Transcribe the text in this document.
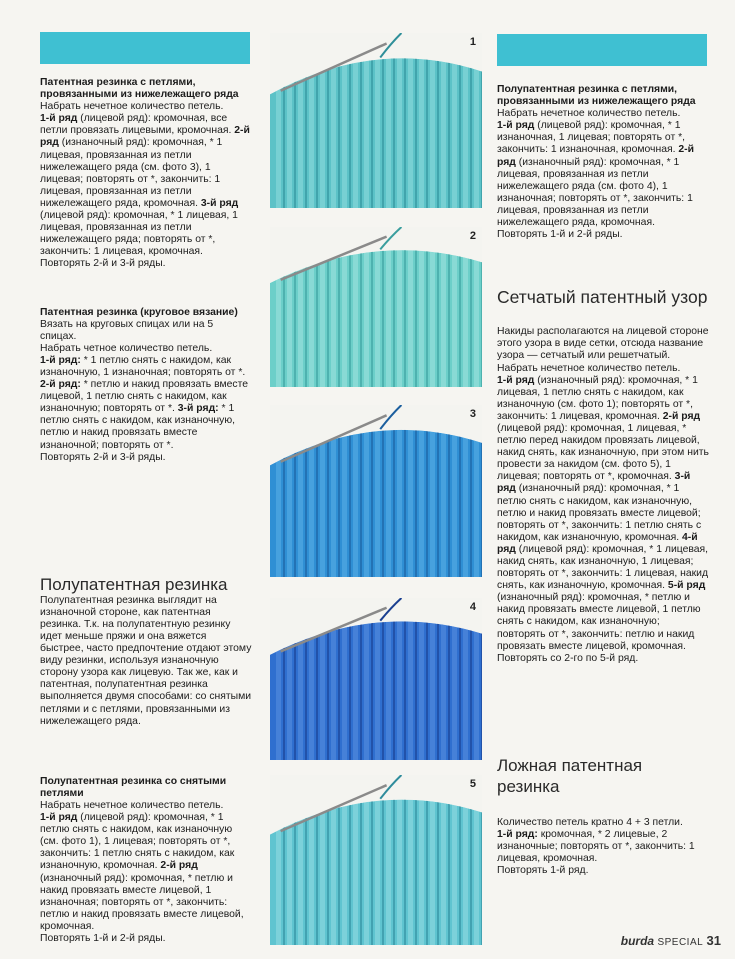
Патентная резинка с петлями, провязанными из нижележащего ряда

Набрать нечетное количество петель.

1-й ряд (лицевой ряд): кромочная, все петли провязать лицевыми, кромочная. 2-й ряд (изнаночный ряд): кромочная, * 1 лицевая, провязанная из петли нижележащего ряда (см. фото 3), 1 лицевая; повторять от *, закончить: 1 лицевая, провязанная из петли нижележащего ряда, кромочная. 3-й ряд (лицевой ряд): кромочная, * 1 лицевая, 1 лицевая, провязанная из петли нижележащего ряда; повторять от *, закончить: 1 лицевая, кромочная.

Повторять 2-й и 3-й ряды.

Патентная резинка (круговое вязание)

Вязать на круговых спицах или на 5 спицах.

Набрать четное количество петель.

1-й ряд: * 1 петлю снять с накидом, как изнаночную, 1 изнаночная; повторять от *. 2-й ряд: * петлю и накид провязать вместе лицевой, 1 петлю снять с накидом, как изнаночную; повторять от *. 3-й ряд: * 1 петлю снять с накидом, как изнаночную, петлю и накид провязать вместе изнаночной; повторять от *.

Повторять 2-й и 3-й ряды.

Полупатентная резинка

Полупатентная резинка выглядит на изнаночной стороне, как патентная резинка. Т.к. на полупатентную резинку идет меньше пряжи и она вяжется быстрее, часто предпочтение отдают этому виду резинки, используя изнаночную сторону узора как лицевую. Так же, как и патентная, полупатентная резинка выполняется двумя способами: со снятыми петлями и с петлями, провязанными из нижележащего ряда.

Полупатентная резинка со снятыми петлями

Набрать нечетное количество петель.

1-й ряд (лицевой ряд): кромочная, * 1 петлю снять с накидом, как изнаночную (см. фото 1), 1 лицевая; повторять от *, закончить: 1 петлю снять с накидом, как изнаночную, кромочная. 2-й ряд (изнаночный ряд): кромочная, * петлю и накид провязать вместе лицевой, 1 изнаночная; повторять от *, закончить: петлю и накид провязать вместе лицевой, кромочная.

Повторять 1-й и 2-й ряды.

Полупатентная резинка с петлями, провязанными из нижележащего ряда

Набрать нечетное количество петель.

1-й ряд (лицевой ряд): кромочная, * 1 изнаночная, 1 лицевая; повторять от *, закончить: 1 изнаночная, кромочная. 2-й ряд (изнаночный ряд): кромочная, * 1 лицевая, провязанная из петли нижележащего ряда (см. фото 4), 1 изнаночная; повторять от *, закончить: 1 лицевая, провязанная из петли нижележащего ряда, кромочная.

Повторять 1-й и 2-й ряды.

Сетчатый патентный узор

Накиды располагаются на лицевой стороне этого узора в виде сетки, отсюда название узора — сетчатый или решетчатый.

Набрать нечетное количество петель.

1-й ряд (изнаночный ряд): кромочная, * 1 лицевая, 1 петлю снять с накидом, как изнаночную (см. фото 1); повторять от *, закончить: 1 лицевая, кромочная. 2-й ряд (лицевой ряд): кромочная, 1 лицевая, * петлю перед накидом провязать лицевой, накид снять, как изнаночную, при этом нить провести за накидом (см. фото 5), 1 лицевая; повторять от *, кромочная. 3-й ряд (изнаночный ряд): кромочная, * 1 петлю снять с накидом, как изнаночную, петлю и накид провязать вместе лицевой; повторять от *, закончить: 1 петлю снять с накидом, как изнаночную, кромочная. 4-й ряд (лицевой ряд): кромочная, * 1 лицевая, накид снять, как изнаночную, 1 лицевая; повторять от *, закончить: 1 лицевая, накид снять, как изнаночную, кромочная. 5-й ряд (изнаночный ряд): кромочная, * петлю и накид провязать вместе лицевой, 1 петлю снять с накидом, как изнаночную; повторять от *, закончить: петлю и накид провязать вместе лицевой, кромочная.

Повторять со 2-го по 5-й ряд.

Ложная патентная резинка

Количество петель кратно 4 + 3 петли.

1-й ряд: кромочная, * 2 лицевые, 2 изнаночные; повторять от *, закончить: 1 лицевая, кромочная.

Повторять 1-й ряд.

1
2
3
4
5
burda SPECIAL 31
